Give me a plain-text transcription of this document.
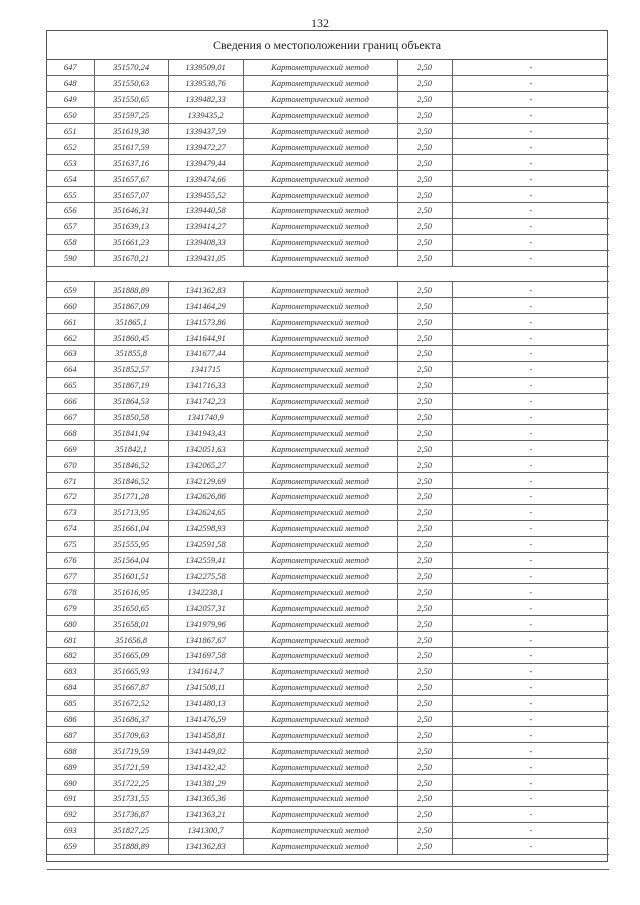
132
Сведения о местоположении границ объекта
647	351570,24	1339509,01	Картометрический метод	2,50	-
648	351550,63	1339538,76	Картометрический метод	2,50	-
649	351550,65	1339482,33	Картометрический метод	2,50	-
650	351597,25	1339435,2	Картометрический метод	2,50	-
651	351619,38	1339437,59	Картометрический метод	2,50	-
652	351617,59	1339472,27	Картометрический метод	2,50	-
653	351637,16	1339479,44	Картометрический метод	2,50	-
654	351657,67	1339474,66	Картометрический метод	2,50	-
655	351657,07	1339455,52	Картометрический метод	2,50	-
656	351646,31	1339440,58	Картометрический метод	2,50	-
657	351639,13	1339414,27	Картометрический метод	2,50	-
658	351661,23	1339408,33	Картометрический метод	2,50	-
590	351670,21	1339431,05	Картометрический метод	2,50	-

659	351888,89	1341362,83	Картометрический метод	2,50	-
660	351867,09	1341464,29	Картометрический метод	2,50	-
661	351865,1	1341573,86	Картометрический метод	2,50	-
662	351860,45	1341644,91	Картометрический метод	2,50	-
663	351855,8	1341677,44	Картометрический метод	2,50	-
664	351852,57	1341715	Картометрический метод	2,50	-
665	351867,19	1341716,33	Картометрический метод	2,50	-
666	351864,53	1341742,23	Картометрический метод	2,50	-
667	351850,58	1341740,9	Картометрический метод	2,50	-
668	351841,94	1341943,43	Картометрический метод	2,50	-
669	351842,1	1342051,63	Картометрический метод	2,50	-
670	351846,52	1342065,27	Картометрический метод	2,50	-
671	351846,52	1342129,69	Картометрический метод	2,50	-
672	351771,28	1342626,86	Картометрический метод	2,50	-
673	351713,95	1342624,65	Картометрический метод	2,50	-
674	351661,04	1342598,93	Картометрический метод	2,50	-
675	351555,95	1342591,58	Картометрический метод	2,50	-
676	351564,04	1342559,41	Картометрический метод	2,50	-
677	351601,51	1342275,58	Картометрический метод	2,50	-
678	351616,95	1342238,1	Картометрический метод	2,50	-
679	351650,65	1342057,31	Картометрический метод	2,50	-
680	351658,01	1341979,96	Картометрический метод	2,50	-
681	351656,8	1341867,67	Картометрический метод	2,50	-
682	351665,09	1341697,58	Картометрический метод	2,50	-
683	351665,93	1341614,7	Картометрический метод	2,50	-
684	351667,87	1341508,11	Картометрический метод	2,50	-
685	351672,52	1341480,13	Картометрический метод	2,50	-
686	351686,37	1341476,59	Картометрический метод	2,50	-
687	351709,63	1341458,81	Картометрический метод	2,50	-
688	351719,59	1341449,02	Картометрический метод	2,50	-
689	351721,59	1341432,42	Картометрический метод	2,50	-
690	351722,25	1341381,29	Картометрический метод	2,50	-
691	351731,55	1341365,36	Картометрический метод	2,50	-
692	351736,87	1341363,21	Картометрический метод	2,50	-
693	351827,25	1341300,7	Картометрический метод	2,50	-
659	351888,89	1341362,83	Картометрический метод	2,50	-
